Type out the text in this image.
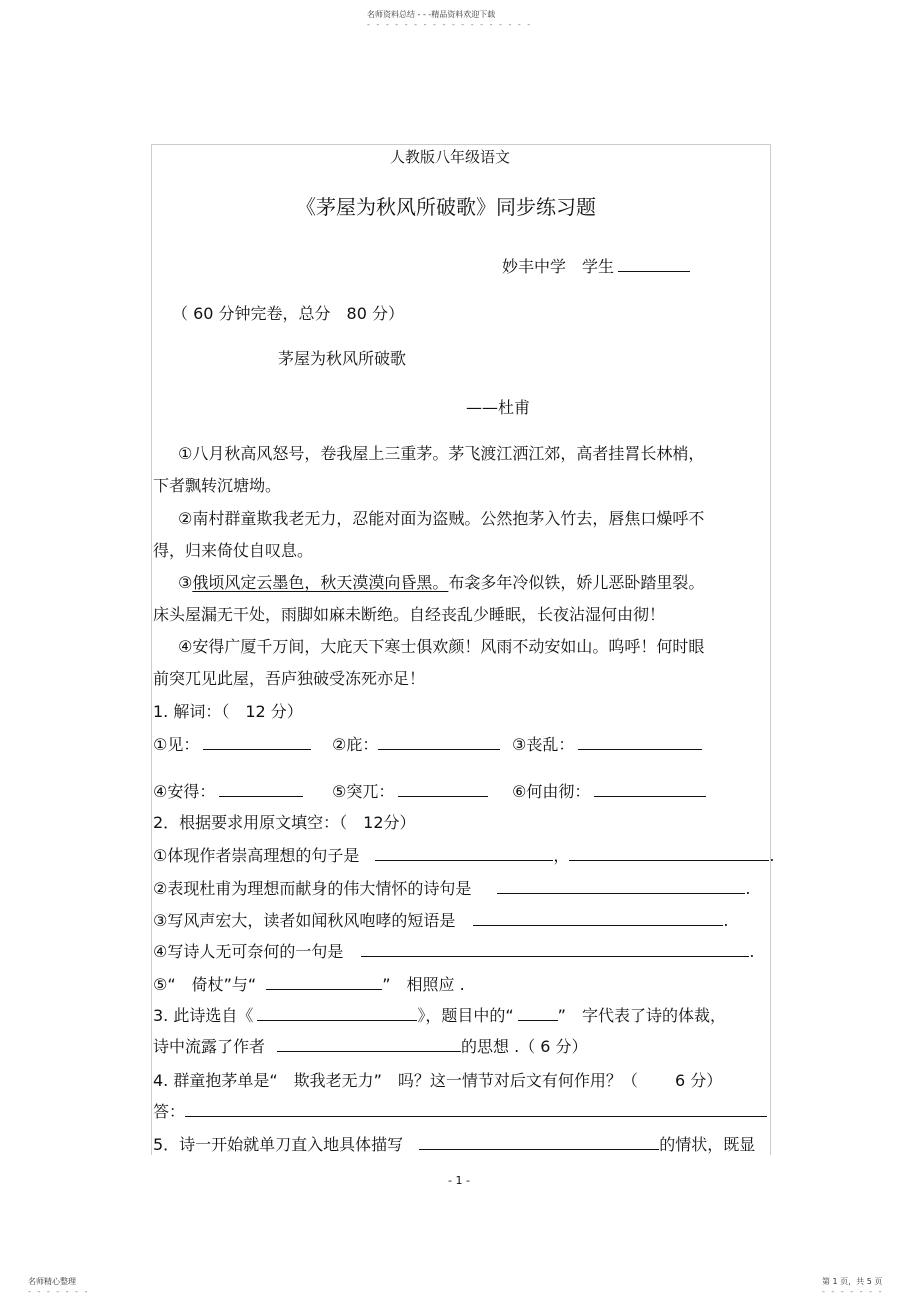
名师资料总结 - - -精品资料欢迎下载
- - - - - - - - - - - - - - - - - -
人教版八年级语文
《茅屋为秋风所破歌》同步练习题
妙丰中学　学生
（ 60 分钟完卷，总分　80 分）
茅屋为秋风所破歌
——杜甫
①八月秋高风怒号，卷我屋上三重茅。茅飞渡江洒江郊，高者挂罥长林梢，
下者飘转沉塘坳。
②南村群童欺我老无力，忍能对面为盗贼。公然抱茅入竹去，唇焦口燥呼不
得，归来倚仗自叹息。
③俄顷风定云墨色，秋天漠漠向昏黑。布衾多年冷似铁，娇儿恶卧踏里裂。
床头屋漏无干处，雨脚如麻未断绝。自经丧乱少睡眠，长夜沾湿何由彻！
④安得广厦千万间，大庇天下寒士俱欢颜！风雨不动安如山。呜呼！何时眼
前突兀见此屋，吾庐独破受冻死亦足！
1. 解词：（　12 分）
①见：	②庇：	③丧乱：
④安得：	⑤突兀：	⑥何由彻：
2．根据要求用原文填空：（　12分）
①体现作者崇高理想的句子是	，	.
②表现杜甫为理想而献身的伟大情怀的诗句是	.
③写风声宏大，读者如闻秋风咆哮的短语是	.
④写诗人无可奈何的一句是	.
⑤“　倚杖”与“	”　相照应 .
3. 此诗选自《	》，题目中的“	”　字代表了诗的体裁，
诗中流露了作者	的思想 .（ 6 分）
4. 群童抱茅单是“　欺我老无力”　吗？这一情节对后文有何作用？（　　 6 分）
答：
5．诗一开始就单刀直入地具体描写	的情状，既显
- 1 -
名师精心整理
- - - - - - -
第 1 页，共 5 页
- - - - - - -
